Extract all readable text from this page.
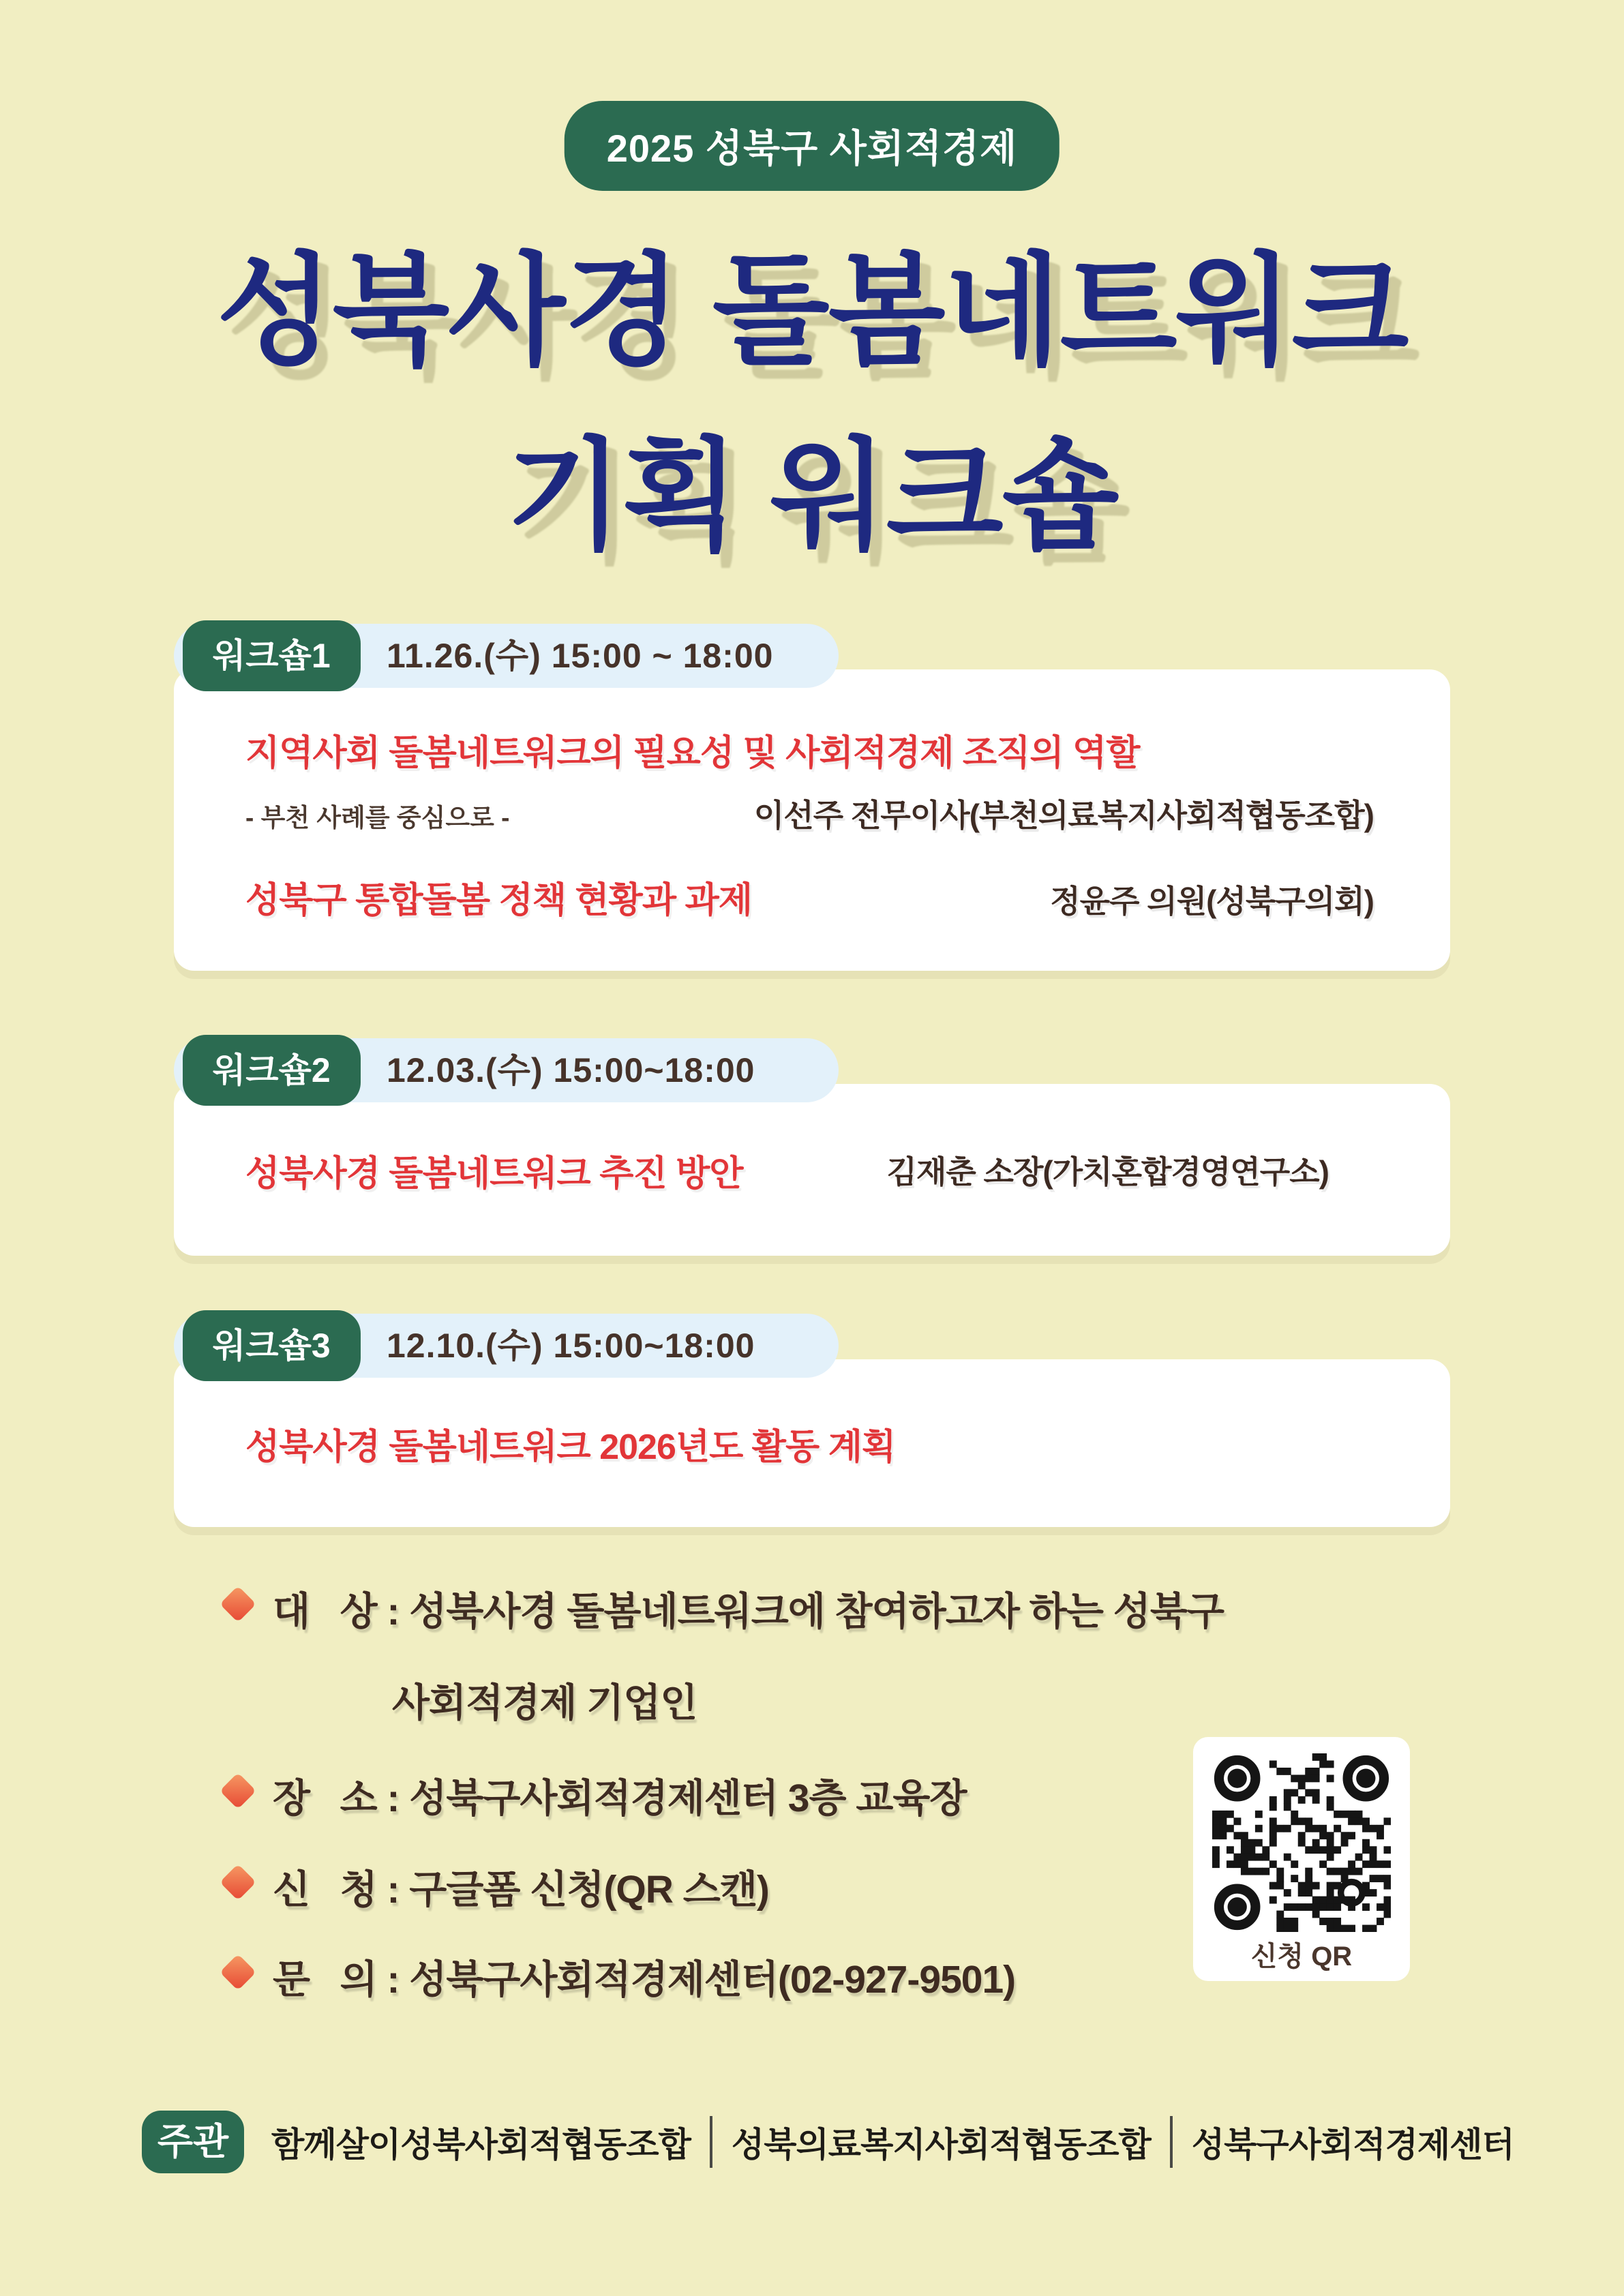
2025 성북구 사회적경제
성북사경 돌봄네트워크
기획 워크숍
11.26.(수) 15:00 ~ 18:00
워크숍1
지역사회 돌봄네트워크의 필요성 및 사회적경제 조직의 역할
- 부천 사례를 중심으로 -	이선주 전무이사(부천의료복지사회적협동조합)
성북구 통합돌봄 정책 현황과 과제	정윤주 의원(성북구의회)
12.03.(수) 15:00~18:00
워크숍2
성북사경 돌봄네트워크 추진 방안	김재춘 소장(가치혼합경영연구소)
12.10.(수) 15:00~18:00
워크숍3
성북사경 돌봄네트워크 2026년도 활동 계획
대   상 : 성북사경 돌봄네트워크에 참여하고자 하는 성북구
사회적경제 기업인
장   소 : 성북구사회적경제센터 3층 교육장
신   청 : 구글폼 신청(QR 스캔)
문   의 : 성북구사회적경제센터(02-927-9501)
신청 QR
주관	함께살이성북사회적협동조합 성북의료복지사회적협동조합 성북구사회적경제센터
